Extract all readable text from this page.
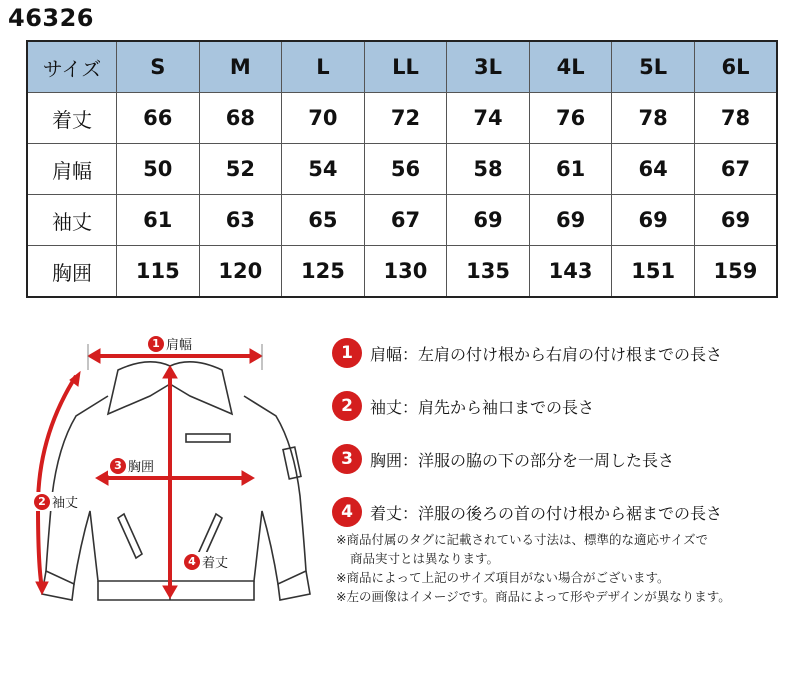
46326
サイズ	S	M	L	LL	3L	4L	5L	6L
着丈	66	68	70	72	74	76	78	78
肩幅	50	52	54	56	58	61	64	67
袖丈	61	63	65	67	69	69	69	69
胸囲	115	120	125	130	135	143	151	159
1 肩幅
3 胸囲
2 袖丈
4 着丈
1	肩幅 ：左肩の付け根から右肩の付け根までの長さ
2	袖丈 ：肩先から袖口までの長さ
3	胸囲 ：洋服の脇の下の部分を一周した長さ
4	着丈 ：洋服の後ろの首の付け根から裾までの長さ
※商品付属のタグに記載されている寸法は、標準的な適応サイズで
商品実寸とは異なります。
※商品によって上記のサイズ項目がない場合がございます。
※左の画像はイメージです。商品によって形やデザインが異なります。
